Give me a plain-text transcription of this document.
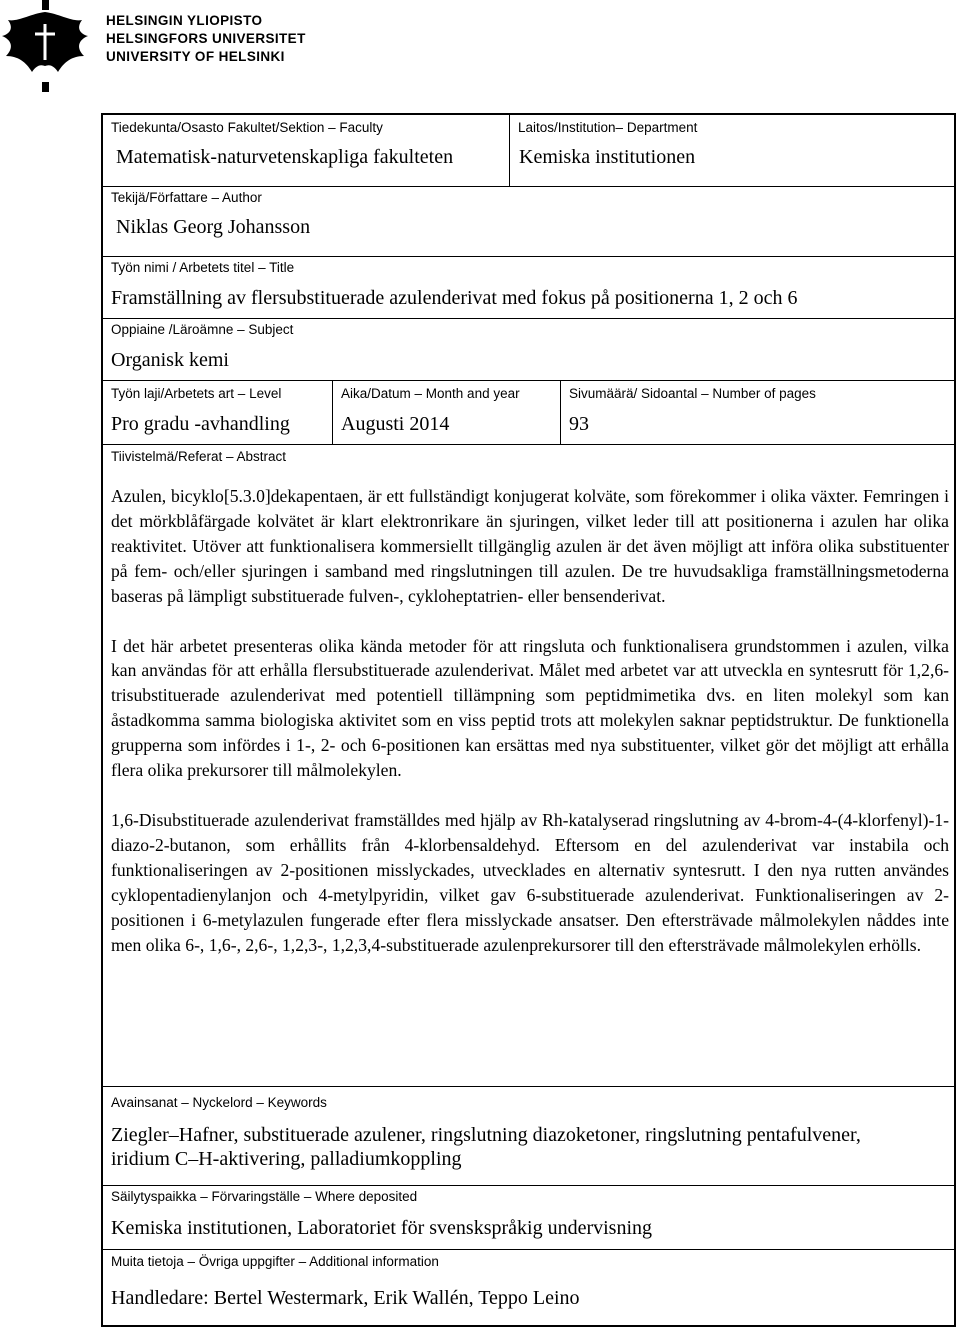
HELSINGIN YLIOPISTO
HELSINGFORS UNIVERSITET
UNIVERSITY OF HELSINKI
Tiedekunta/Osasto Fakultet/Sektion – Faculty
Matematisk-naturvetenskapliga fakulteten
Laitos/Institution– Department
Kemiska institutionen
Tekijä/Författare – Author
Niklas Georg Johansson
Työn nimi / Arbetets titel – Title
Framställning av flersubstituerade azulenderivat med fokus på positionerna 1, 2 och 6
Oppiaine /Läroämne – Subject
Organisk kemi
Työn laji/Arbetets art – Level
Pro gradu -avhandling
Aika/Datum – Month and year
Augusti 2014
Sivumäärä/ Sidoantal – Number of pages
93
Tiivistelmä/Referat – Abstract

Azulen, bicyklo[5.3.0]dekapentaen, är ett fullständigt konjugerat kolväte, som förekommer i olika växter. Femringen i det mörkblåfärgade kolvätet är klart elektronrikare än sjuringen, vilket leder till att positionerna i azulen har olika reaktivitet. Utöver att funktionalisera kommersiellt tillgänglig azulen är det även möjligt att införa olika substituenter på fem- och/eller sjuringen i samband med ringslutningen till azulen. De tre huvudsakliga framställningsmetoderna baseras på lämpligt substituerade fulven-, cykloheptatrien- eller bensenderivat.

I det här arbetet presenteras olika kända metoder för att ringsluta och funktionalisera grundstommen i azulen, vilka kan användas för att erhålla flersubstituerade azulenderivat. Målet med arbetet var att utveckla en syntesrutt för 1,2,6-trisubstituerade azulenderivat med potentiell tillämpning som peptidmimetika dvs. en liten molekyl som kan åstadkomma samma biologiska aktivitet som en viss peptid trots att molekylen saknar peptidstruktur. De funktionella grupperna som infördes i 1-, 2- och 6-positionen kan ersättas med nya substituenter, vilket gör det möjligt att erhålla flera olika prekursorer till målmolekylen.

1,6-Disubstituerade azulenderivat framställdes med hjälp av Rh-katalyserad ringslutning av 4-brom-4-(4-klorfenyl)-1-diazo-2-butanon, som erhållits från 4-klorbensaldehyd. Eftersom en del azulenderivat var instabila och funktionaliseringen av 2-positionen misslyckades, utvecklades en alternativ syntesrutt. I den nya rutten användes cyklopentadienylanjon och 4-metylpyridin, vilket gav 6-substituerade azulenderivat. Funktionaliseringen av 2-positionen i 6-metylazulen fungerade efter flera misslyckade ansatser. Den eftersträvade målmolekylen nåddes inte men olika 6-, 1,6-, 2,6-, 1,2,3-, 1,2,3,4-substituerade azulenprekursorer till den eftersträvade målmolekylen erhölls.

Avainsanat – Nyckelord – Keywords
Ziegler–Hafner, substituerade azulener, ringslutning diazoketoner, ringslutning pentafulvener,
iridium C–H-aktivering, palladiumkoppling
Säilytyspaikka – Förvaringställe – Where deposited
Kemiska institutionen, Laboratoriet för svenskspråkig undervisning
Muita tietoja – Övriga uppgifter – Additional information
Handledare: Bertel Westermark, Erik Wallén, Teppo Leino
